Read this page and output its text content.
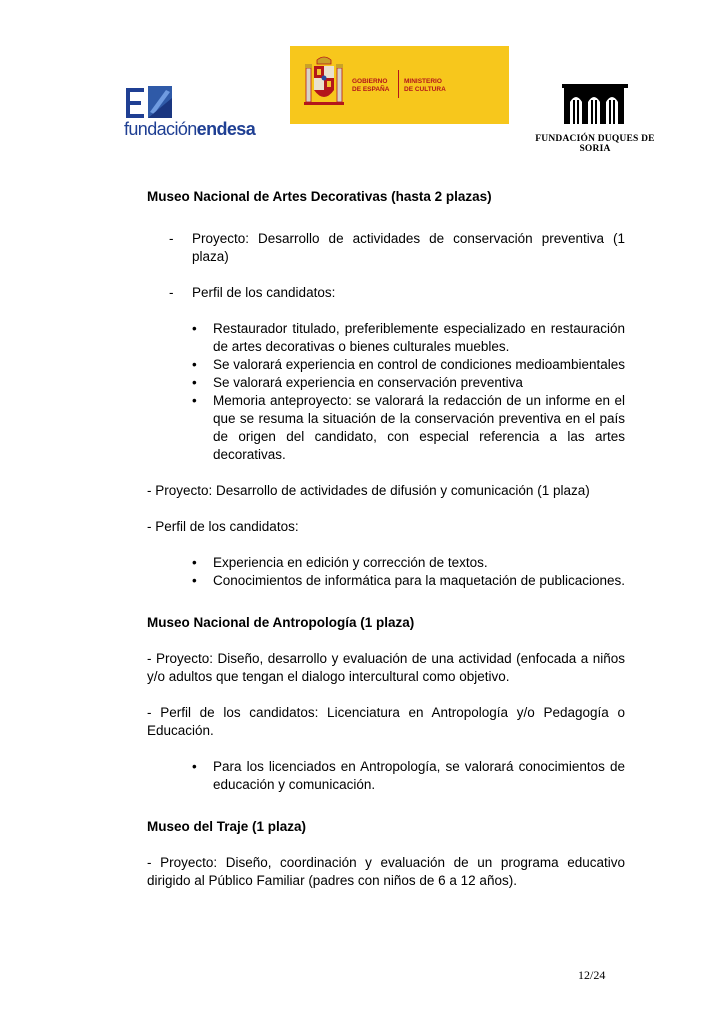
fundaciónendesa
GOBIERNO
DE ESPAÑA
MINISTERIO
DE CULTURA
FUNDACIÓN DUQUES DE SORIA

Museo Nacional de Artes Decorativas (hasta 2 plazas)

- Proyecto: Desarrollo de actividades de conservación preventiva (1 plaza)
- Perfil de los candidatos:
• Restaurador titulado, preferiblemente especializado en restauración de artes decorativas o bienes culturales muebles.
• Se valorará experiencia en control de condiciones medioambientales
• Se valorará experiencia en conservación preventiva
• Memoria anteproyecto: se valorará la redacción de un informe en el que se resuma la situación de la conservación preventiva en el país de origen del candidato, con especial referencia a las artes decorativas.

- Proyecto: Desarrollo de actividades de difusión y comunicación (1 plaza)

- Perfil de los candidatos:

• Experiencia en edición y corrección de textos.
• Conocimientos de informática para la maquetación de publicaciones.

Museo Nacional de Antropología (1 plaza)

- Proyecto: Diseño, desarrollo y evaluación de una actividad (enfocada a niños y/o adultos que tengan el dialogo intercultural como objetivo.

- Perfil de los candidatos: Licenciatura en Antropología y/o Pedagogía o Educación.

• Para los licenciados en Antropología, se valorará conocimientos de educación y comunicación.

Museo del Traje (1 plaza)

- Proyecto: Diseño, coordinación y evaluación de un programa educativo dirigido al Público Familiar (padres con niños de 6 a 12 años).

12/24
